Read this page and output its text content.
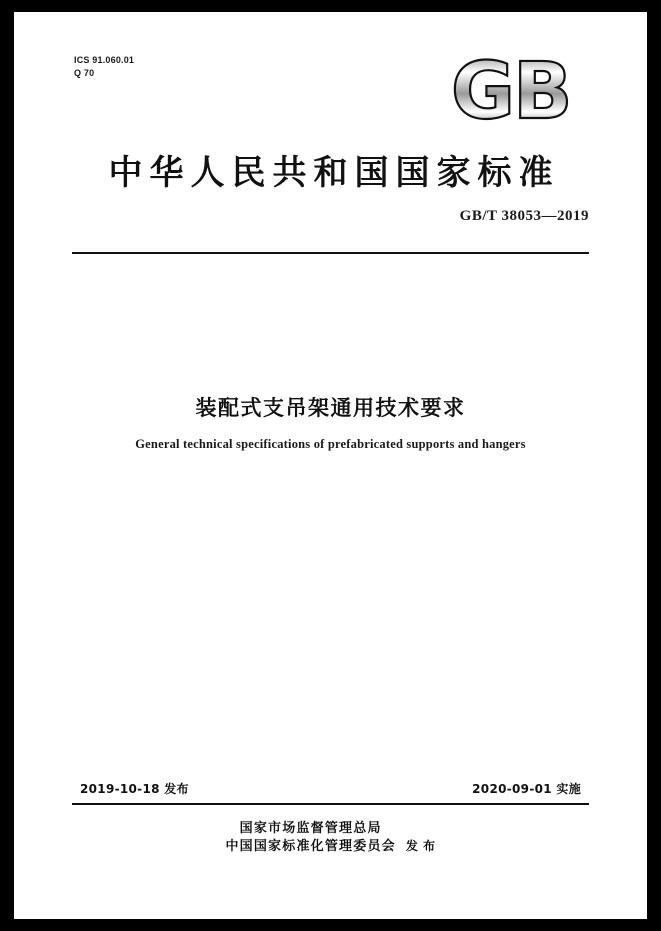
ICS 91.060.01
Q 70	GB
中华人民共和国国家标准
GB/T 38053—2019
装配式支吊架通用技术要求
General technical specifications of prefabricated supports and hangers
2019-10-18 发布	2020-09-01 实施
国家市场监督管理总局
中国国家标准化管理委员会 发 布
